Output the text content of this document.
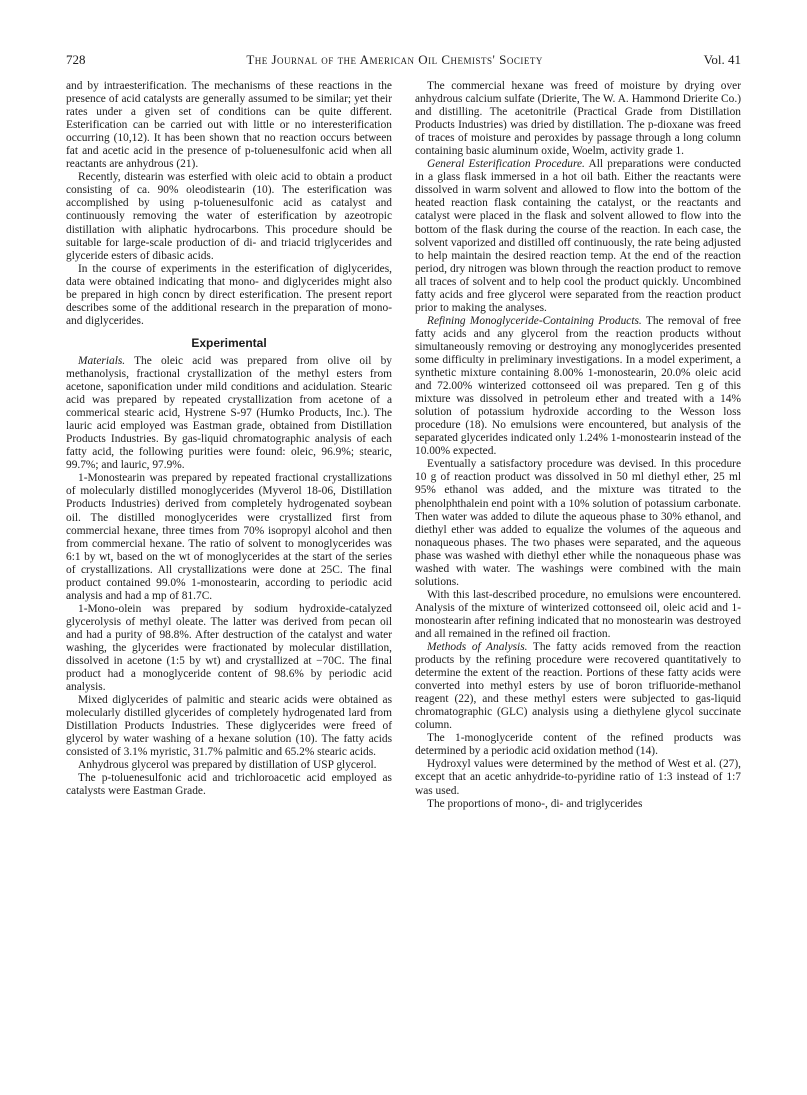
728	The Journal of the American Oil Chemists' Society	Vol. 41

and by intraesterification. The mechanisms of these reactions in the presence of acid catalysts are generally assumed to be similar; yet their rates under a given set of conditions can be quite different. Esterification can be carried out with little or no interesterification occurring (10,12). It has been shown that no reaction occurs between fat and acetic acid in the presence of p-toluenesulfonic acid when all reactants are anhydrous (21).

Recently, distearin was esterfied with oleic acid to obtain a product consisting of ca. 90% oleodistearin (10). The esterification was accomplished by using p-toluenesulfonic acid as catalyst and continuously removing the water of esterification by azeotropic distillation with aliphatic hydrocarbons. This procedure should be suitable for large-scale production of di- and triacid triglycerides and glyceride esters of dibasic acids.

In the course of experiments in the esterification of diglycerides, data were obtained indicating that mono- and diglycerides might also be prepared in high concn by direct esterification. The present report describes some of the additional research in the preparation of mono- and diglycerides.

Experimental

Materials. The oleic acid was prepared from olive oil by methanolysis, fractional crystallization of the methyl esters from acetone, saponification under mild conditions and acidulation. Stearic acid was prepared by repeated crystallization from acetone of a commerical stearic acid, Hystrene S-97 (Humko Products, Inc.). The lauric acid employed was Eastman grade, obtained from Distillation Products Industries. By gas-liquid chromatographic analysis of each fatty acid, the following purities were found: oleic, 96.9%; stearic, 99.7%; and lauric, 97.9%.

1-Monostearin was prepared by repeated fractional crystallizations of molecularly distilled monoglycerides (Myverol 18-06, Distillation Products Industries) derived from completely hydrogenated soybean oil. The distilled monoglycerides were crystallized first from commercial hexane, three times from 70% isopropyl alcohol and then from commercial hexane. The ratio of solvent to monoglycerides was 6:1 by wt, based on the wt of monoglycerides at the start of the series of crystallizations. All crystallizations were done at 25C. The final product contained 99.0% 1-monostearin, according to periodic acid analysis and had a mp of 81.7C.

1-Mono-olein was prepared by sodium hydroxide-catalyzed glycerolysis of methyl oleate. The latter was derived from pecan oil and had a purity of 98.8%. After destruction of the catalyst and water washing, the glycerides were fractionated by molecular distillation, dissolved in acetone (1:5 by wt) and crystallized at −70C. The final product had a monoglyceride content of 98.6% by periodic acid analysis.

Mixed diglycerides of palmitic and stearic acids were obtained as molecularly distilled glycerides of completely hydrogenated lard from Distillation Products Industries. These diglycerides were freed of glycerol by water washing of a hexane solution (10). The fatty acids consisted of 3.1% myristic, 31.7% palmitic and 65.2% stearic acids.

Anhydrous glycerol was prepared by distillation of USP glycerol.

The p-toluenesulfonic acid and trichloroacetic acid employed as catalysts were Eastman Grade.

The commercial hexane was freed of moisture by drying over anhydrous calcium sulfate (Drierite, The W. A. Hammond Drierite Co.) and distilling. The acetonitrile (Practical Grade from Distillation Products Industries) was dried by distillation. The p-dioxane was freed of traces of moisture and peroxides by passage through a long column containing basic aluminum oxide, Woelm, activity grade 1.

General Esterification Procedure. All preparations were conducted in a glass flask immersed in a hot oil bath. Either the reactants were dissolved in warm solvent and allowed to flow into the bottom of the heated reaction flask containing the catalyst, or the reactants and catalyst were placed in the flask and solvent allowed to flow into the bottom of the flask during the course of the reaction. In each case, the solvent vaporized and distilled off continuously, the rate being adjusted to help maintain the desired reaction temp. At the end of the reaction period, dry nitrogen was blown through the reaction product to remove all traces of solvent and to help cool the product quickly. Uncombined fatty acids and free glycerol were separated from the reaction product prior to making the analyses.

Refining Monoglyceride-Containing Products. The removal of free fatty acids and any glycerol from the reaction products without simultaneously removing or destroying any monoglycerides presented some difficulty in preliminary investigations. In a model experiment, a synthetic mixture containing 8.00% 1-monostearin, 20.0% oleic acid and 72.00% winterized cottonseed oil was prepared. Ten g of this mixture was dissolved in petroleum ether and treated with a 14% solution of potassium hydroxide according to the Wesson loss procedure (18). No emulsions were encountered, but analysis of the separated glycerides indicated only 1.24% 1-monostearin instead of the 10.00% expected.

Eventually a satisfactory procedure was devised. In this procedure 10 g of reaction product was dissolved in 50 ml diethyl ether, 25 ml 95% ethanol was added, and the mixture was titrated to the phenolphthalein end point with a 10% solution of potassium carbonate. Then water was added to dilute the aqueous phase to 30% ethanol, and diethyl ether was added to equalize the volumes of the aqueous and nonaqueous phases. The two phases were separated, and the aqueous phase was washed with diethyl ether while the nonaqueous phase was washed with water. The washings were combined with the main solutions.

With this last-described procedure, no emulsions were encountered. Analysis of the mixture of winterized cottonseed oil, oleic acid and 1-monostearin after refining indicated that no monostearin was destroyed and all remained in the refined oil fraction.

Methods of Analysis. The fatty acids removed from the reaction products by the refining procedure were recovered quantitatively to determine the extent of the reaction. Portions of these fatty acids were converted into methyl esters by use of boron trifluoride-methanol reagent (22), and these methyl esters were subjected to gas-liquid chromatographic (GLC) analysis using a diethylene glycol succinate column.

The 1-monoglyceride content of the refined products was determined by a periodic acid oxidation method (14).

Hydroxyl values were determined by the method of West et al. (27), except that an acetic anhydride-to-pyridine ratio of 1:3 instead of 1:7 was used.

The proportions of mono-, di- and triglycerides
